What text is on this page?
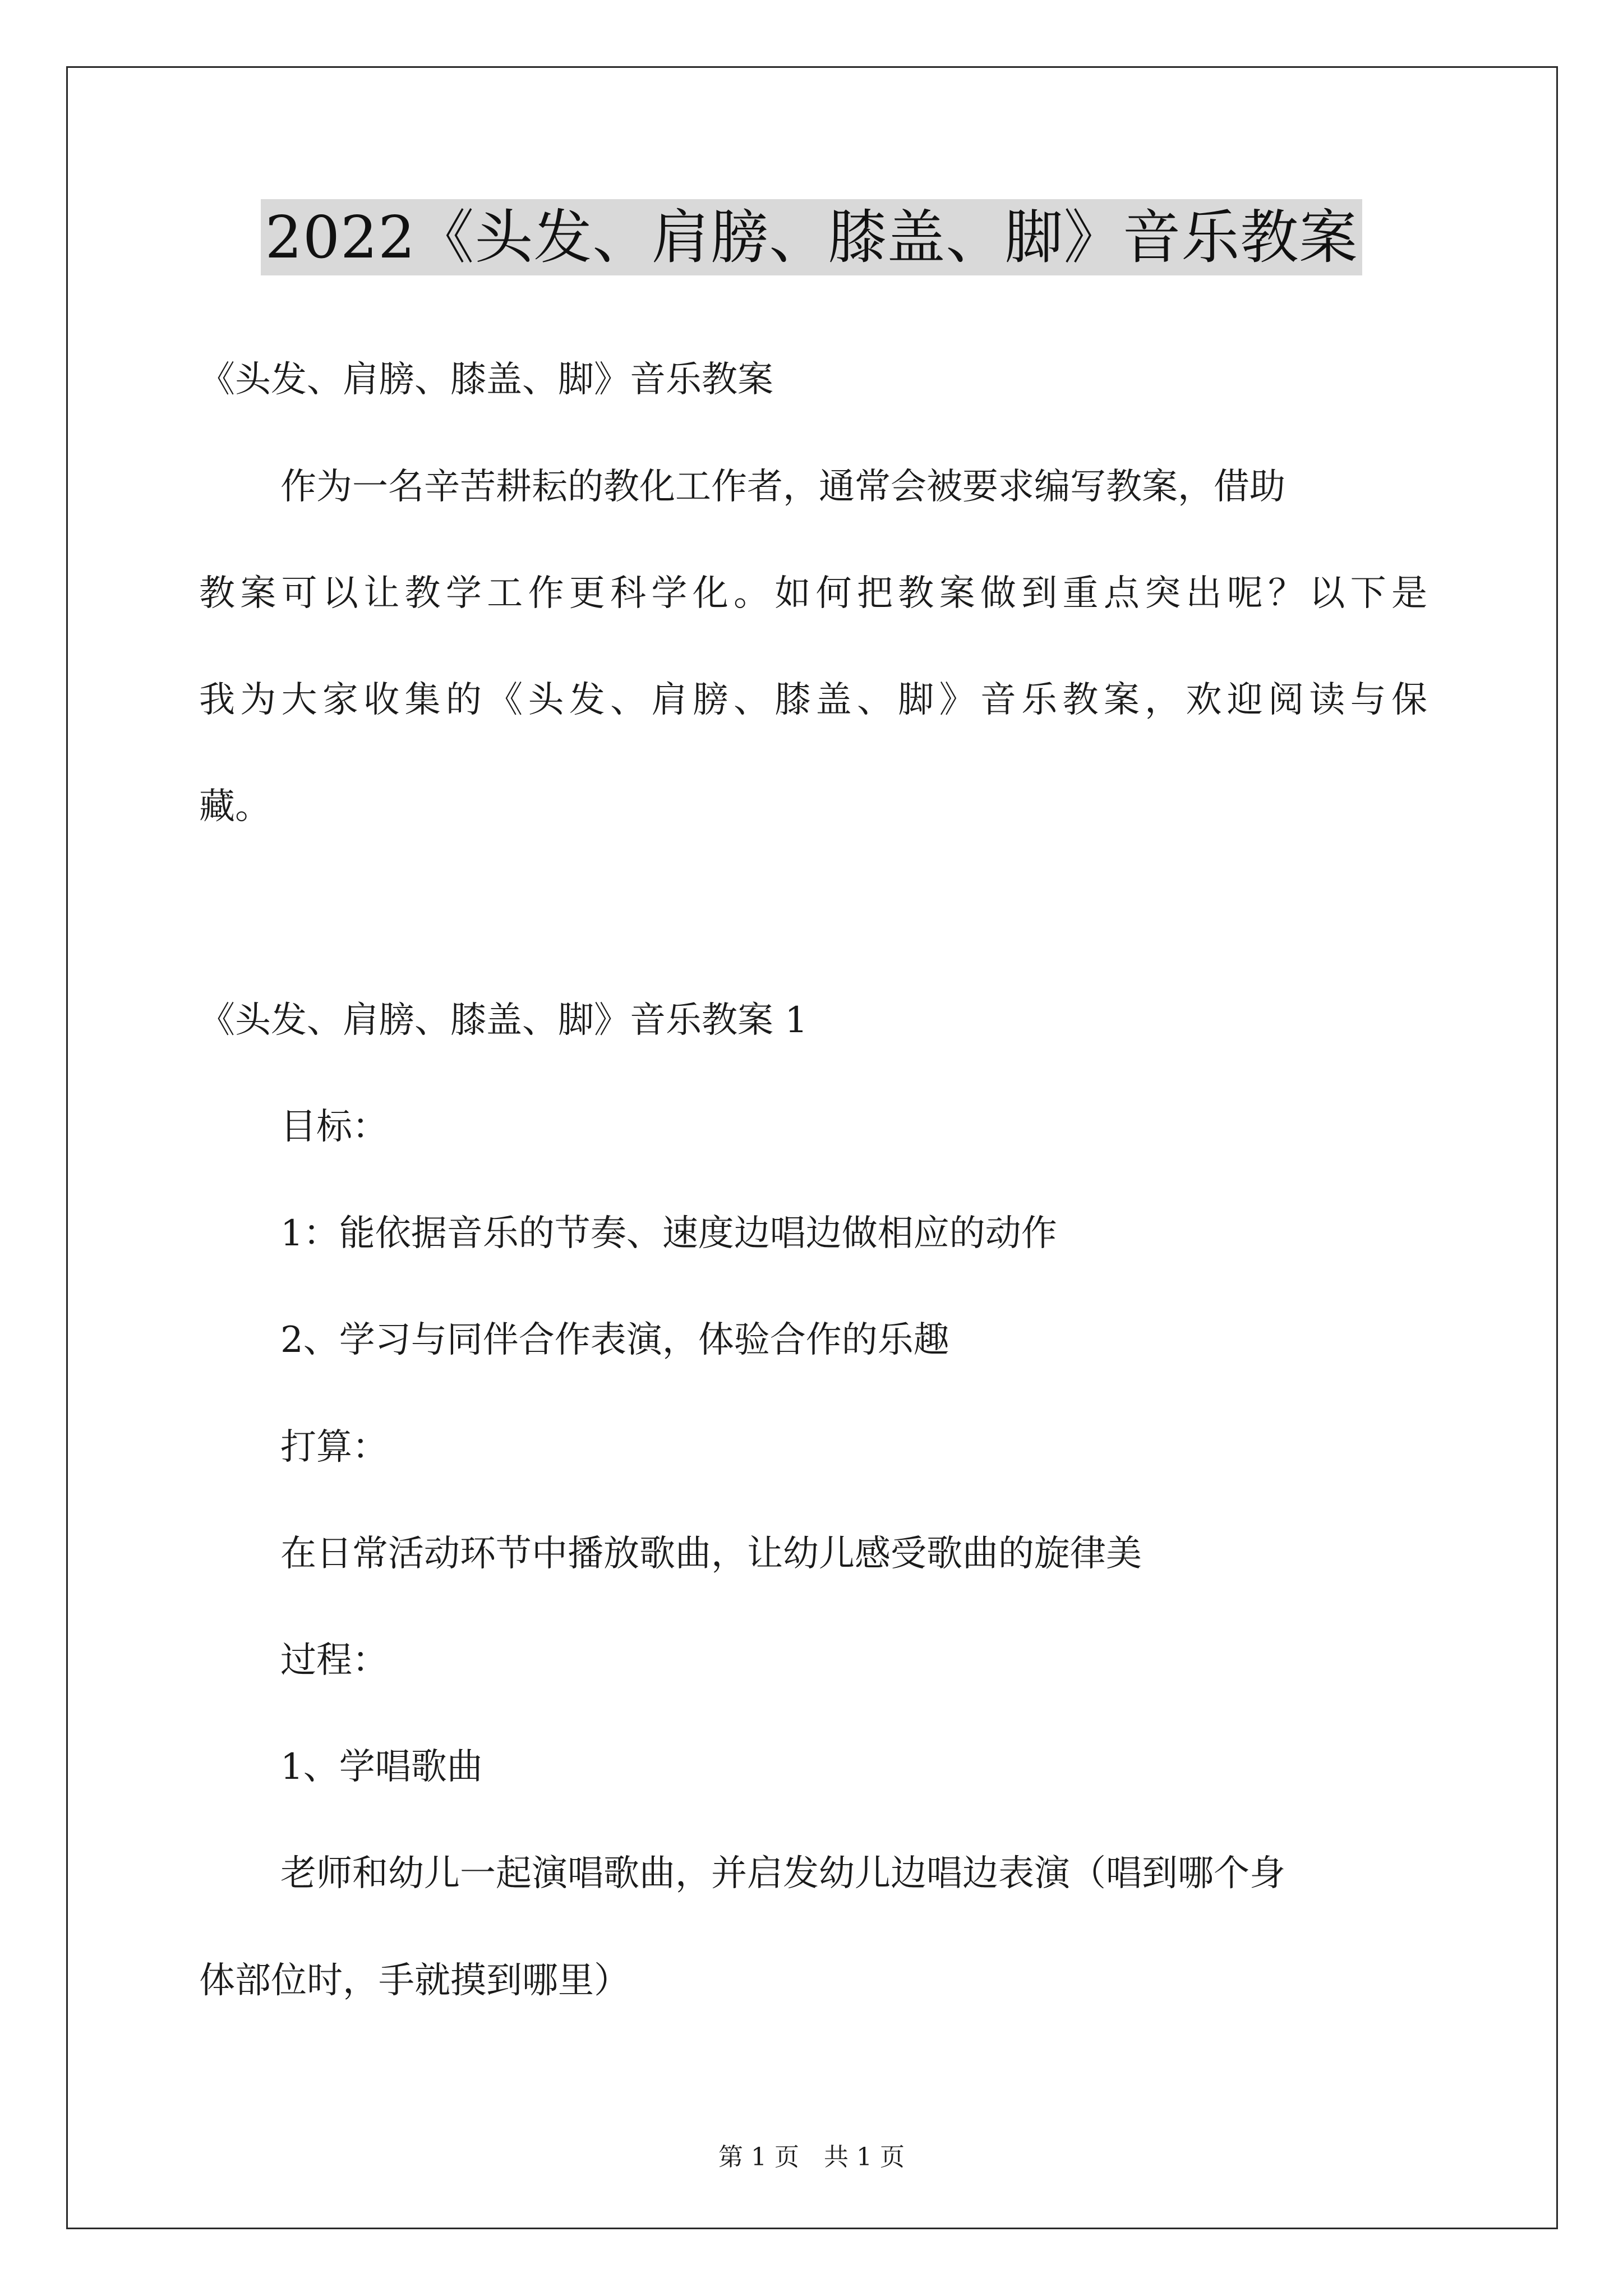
2022《头发、肩膀、膝盖、脚》音乐教案
《头发、肩膀、膝盖、脚》音乐教案
作为一名辛苦耕耘的教化工作者，通常会被要求编写教案，借助
教案可以让教学工作更科学化。如何把教案做到重点突出呢？以下是
我为大家收集的《头发、肩膀、膝盖、脚》音乐教案，欢迎阅读与保
藏。
《头发、肩膀、膝盖、脚》音乐教案 1
目标：
1：能依据音乐的节奏、速度边唱边做相应的动作
2、学习与同伴合作表演，体验合作的乐趣
打算：
在日常活动环节中播放歌曲，让幼儿感受歌曲的旋律美
过程：
1、学唱歌曲
老师和幼儿一起演唱歌曲，并启发幼儿边唱边表演（唱到哪个身
体部位时，手就摸到哪里）
第 1 页　共 1 页
